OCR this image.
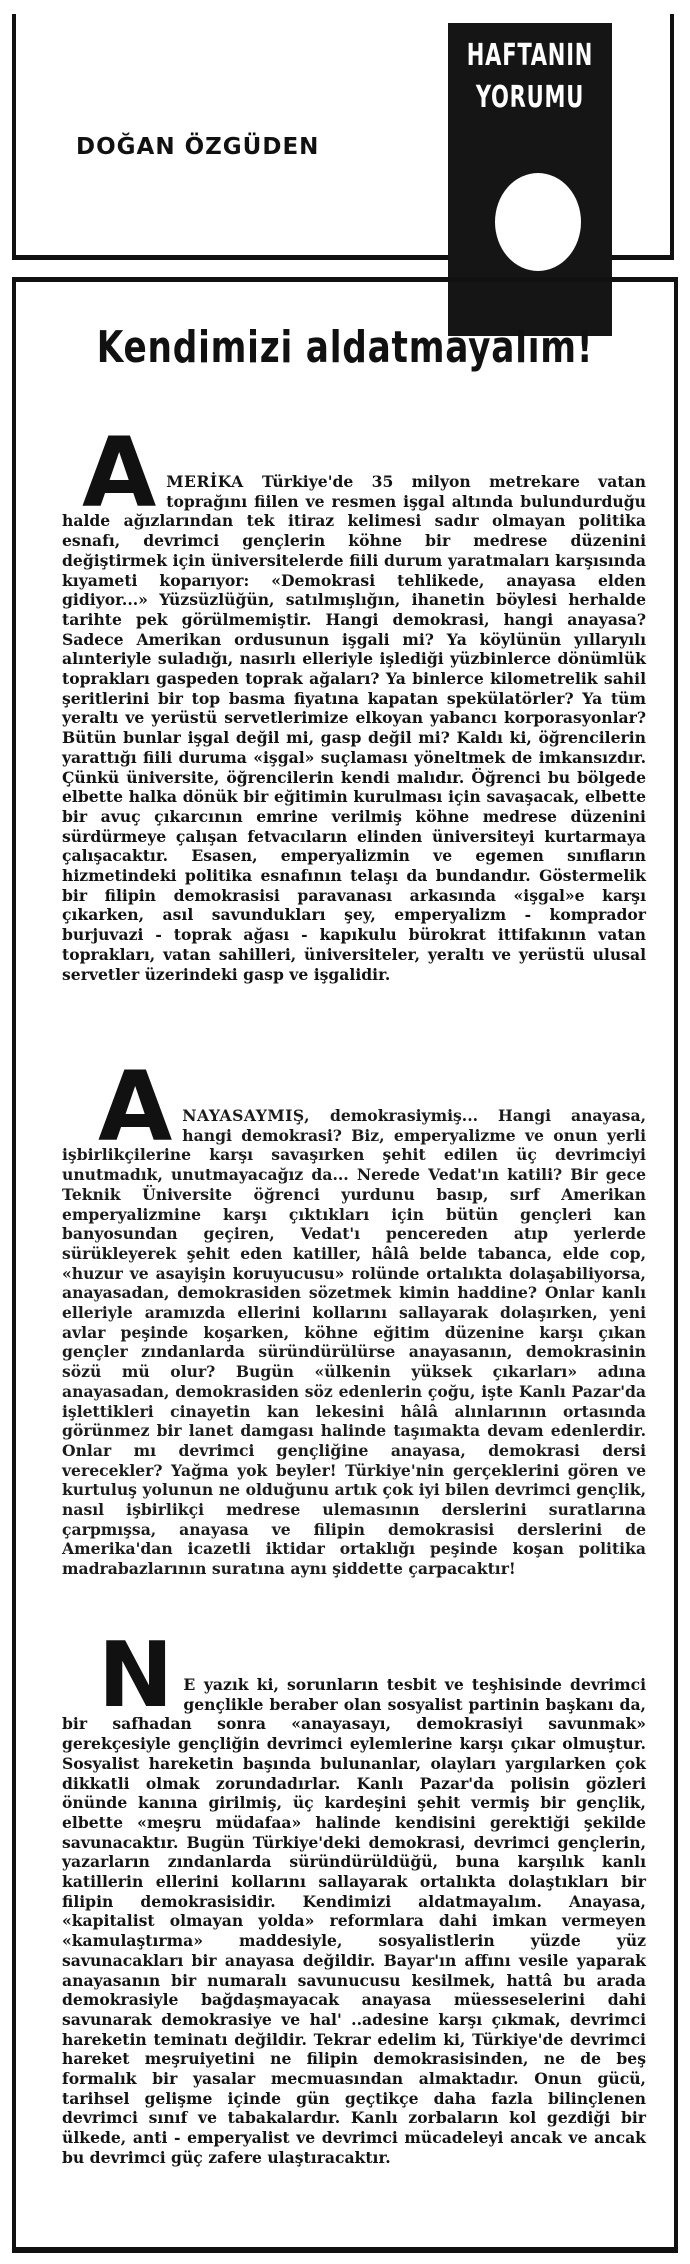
DOĞAN ÖZGÜDEN
HAFTANIN
YORUMU
Kendimizi aldatmayalım!
AMERİKA Türkiye'de 35 milyon metrekare vatan toprağını fiilen ve resmen işgal altında bulundurduğu halde ağızlarından tek itiraz kelimesi sadır olmayan politika esnafı, devrimci gençlerin köhne bir medrese düzenini değiştirmek için üniversitelerde fiili durum yaratmaları karşısında kıyameti koparıyor: «Demokrasi tehlikede, anayasa elden gidiyor...» Yüzsüzlüğün, satılmışlığın, ihanetin böylesi herhalde tarihte pek görülmemiştir. Hangi demokrasi, hangi anayasa? Sadece Amerikan ordusunun işgali mi? Ya köylünün yıllaryılı alınteriyle suladığı, nasırlı elleriyle işlediği yüzbinlerce dönümlük toprakları gaspeden toprak ağaları? Ya binlerce kilometrelik sahil şeritlerini bir top basma fiyatına kapatan spekülatörler? Ya tüm yeraltı ve yerüstü servetlerimize elkoyan yabancı korporasyonlar? Bütün bunlar işgal değil mi, gasp değil mi? Kaldı ki, öğrencilerin yarattığı fiili duruma «işgal» suçlaması yöneltmek de imkansızdır. Çünkü üniversite, öğrencilerin kendi malıdır. Öğrenci bu bölgede elbette halka dönük bir eğitimin kurulması için savaşacak, elbette bir avuç çıkarcının emrine verilmiş köhne medrese düzenini sürdürmeye çalışan fetvacıların elinden üniversiteyi kurtarmaya çalışacaktır. Esasen, emperyalizmin ve egemen sınıfların hizmetindeki politika esnafının telaşı da bundandır. Göstermelik bir filipin demokrasisi paravanası arkasında «işgal»e karşı çıkarken, asıl savundukları şey, emperyalizm - komprador burjuvazi - toprak ağası - kapıkulu bürokrat ittifakının vatan toprakları, vatan sahilleri, üniversiteler, yeraltı ve yerüstü ulusal servetler üzerindeki gasp ve işgalidir.
ANAYASAYMIŞ, demokrasiymiş... Hangi anayasa, hangi demokrasi? Biz, emperyalizme ve onun yerli işbirlikçilerine karşı savaşırken şehit edilen üç devrimciyi unutmadık, unutmayacağız da... Nerede Vedat'ın katili? Bir gece Teknik Üniversite öğrenci yurdunu basıp, sırf Amerikan emperyalizmine karşı çıktıkları için bütün gençleri kan banyosundan geçiren, Vedat'ı pencereden atıp yerlerde sürükleyerek şehit eden katiller, hâlâ belde tabanca, elde cop, «huzur ve asayişin koruyucusu» rolünde ortalıkta dolaşabiliyorsa, anayasadan, demokrasiden sözetmek kimin haddine? Onlar kanlı elleriyle aramızda ellerini kollarını sallayarak dolaşırken, yeni avlar peşinde koşarken, köhne eğitim düzenine karşı çıkan gençler zındanlarda süründürülürse anayasanın, demokrasinin sözü mü olur? Bugün «ülkenin yüksek çıkarları» adına anayasadan, demokrasiden söz edenlerin çoğu, işte Kanlı Pazar'da işlettikleri cinayetin kan lekesini hâlâ alınlarının ortasında görünmez bir lanet damgası halinde taşımakta devam edenlerdir. Onlar mı devrimci gençliğine anayasa, demokrasi dersi verecekler? Yağma yok beyler! Türkiye'nin gerçeklerini gören ve kurtuluş yolunun ne olduğunu artık çok iyi bilen devrimci gençlik, nasıl işbirlikçi medrese ulemasının derslerini suratlarına çarpmışsa, anayasa ve filipin demokrasisi derslerini de Amerika'dan icazetli iktidar ortaklığı peşinde koşan politika madrabazlarının suratına aynı şiddette çarpacaktır!
N E yazık ki, sorunların tesbit ve teşhisinde devrimci gençlikle beraber olan sosyalist partinin başkanı da, bir safhadan sonra «anayasayı, demokrasiyi savunmak» gerekçesiyle gençliğin devrimci eylemlerine karşı çıkar olmuştur. Sosyalist hareketin başında bulunanlar, olayları yargılarken çok dikkatli olmak zorundadırlar. Kanlı Pazar'da polisin gözleri önünde kanına girilmiş, üç kardeşini şehit vermiş bir gençlik, elbette «meşru müdafaa» halinde kendisini gerektiği şekilde savunacaktır. Bugün Türkiye'deki demokrasi, devrimci gençlerin, yazarların zındanlarda süründürüldüğü, buna karşılık kanlı katillerin ellerini kollarını sallayarak ortalıkta dolaştıkları bir filipin demokrasisidir. Kendimizi aldatmayalım. Anayasa, «kapitalist olmayan yolda» reformlara dahi imkan vermeyen «kamulaştırma» maddesiyle, sosyalistlerin yüzde yüz savunacakları bir anayasa değildir. Bayar'ın affını vesile yaparak anayasanın bir numaralı savunucusu kesilmek, hattâ bu arada demokrasiyle bağdaşmayacak anayasa müesseselerini dahi savunarak demokrasiye ve hal' ..adesine karşı çıkmak, devrimci hareketin teminatı değildir. Tekrar edelim ki, Türkiye'de devrimci hareket meşruiyetini ne filipin demokrasisinden, ne de beş formalık bir yasalar mecmuasından almaktadır. Onun gücü, tarihsel gelişme içinde gün geçtikçe daha fazla bilinçlenen devrimci sınıf ve tabakalardır. Kanlı zorbaların kol gezdiği bir ülkede, anti - emperyalist ve devrimci mücadeleyi ancak ve ancak bu devrimci güç zafere ulaştıracaktır.
